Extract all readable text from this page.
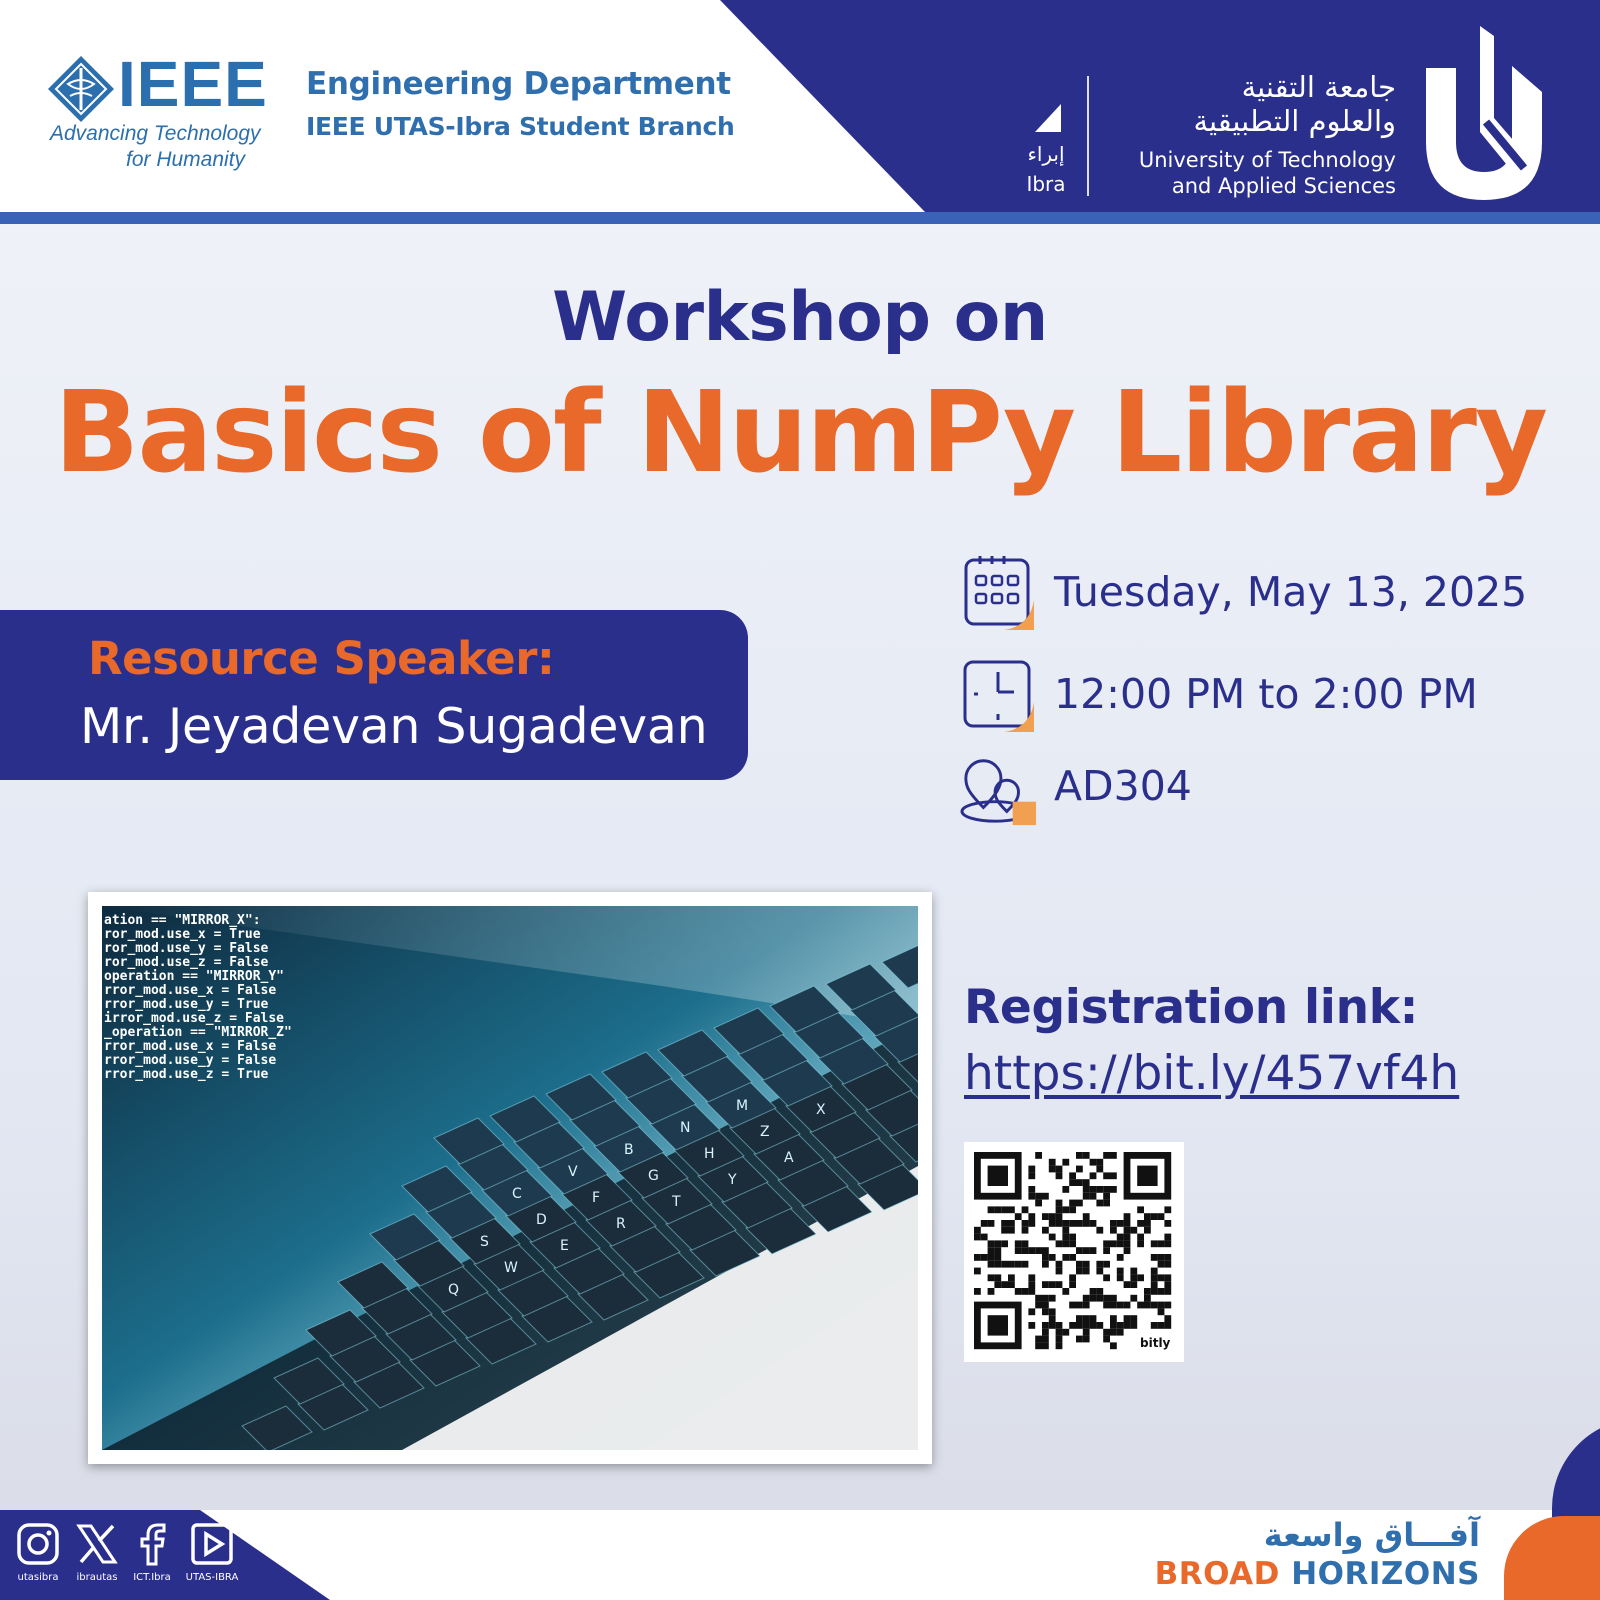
IEEE
Advancing Technology
for Humanity
Engineering Department
IEEE UTAS-Ibra Student Branch
إبراء
Ibra
جامعة التقنية
والعلوم التطبيقية
University of Technology
and Applied Sciences
Workshop on
Basics of NumPy Library
Resource Speaker:
Mr. Jeyadevan Sugadevan
Tuesday, May 13, 2025
12:00 PM to 2:00 PM
AD304
Q
W
E
R
T
Y
A
S
D
F
G
H
Z
X
C
V
B
N
M
ation == "MIRROR_X":
ror_mod.use_x = True
ror_mod.use_y = False
ror_mod.use_z = False
operation == "MIRROR_Y"
rror_mod.use_x = False
rror_mod.use_y = True
irror_mod.use_z = False
_operation == "MIRROR_Z"
rror_mod.use_x = False
rror_mod.use_y = False
rror_mod.use_z = True
Registration link:
https://bit.ly/457vf4h
bitly
utasibra	ibrautas	ICT.Ibra	UTAS-IBRA
آفـــاق واسعة
BROAD HORIZONS
